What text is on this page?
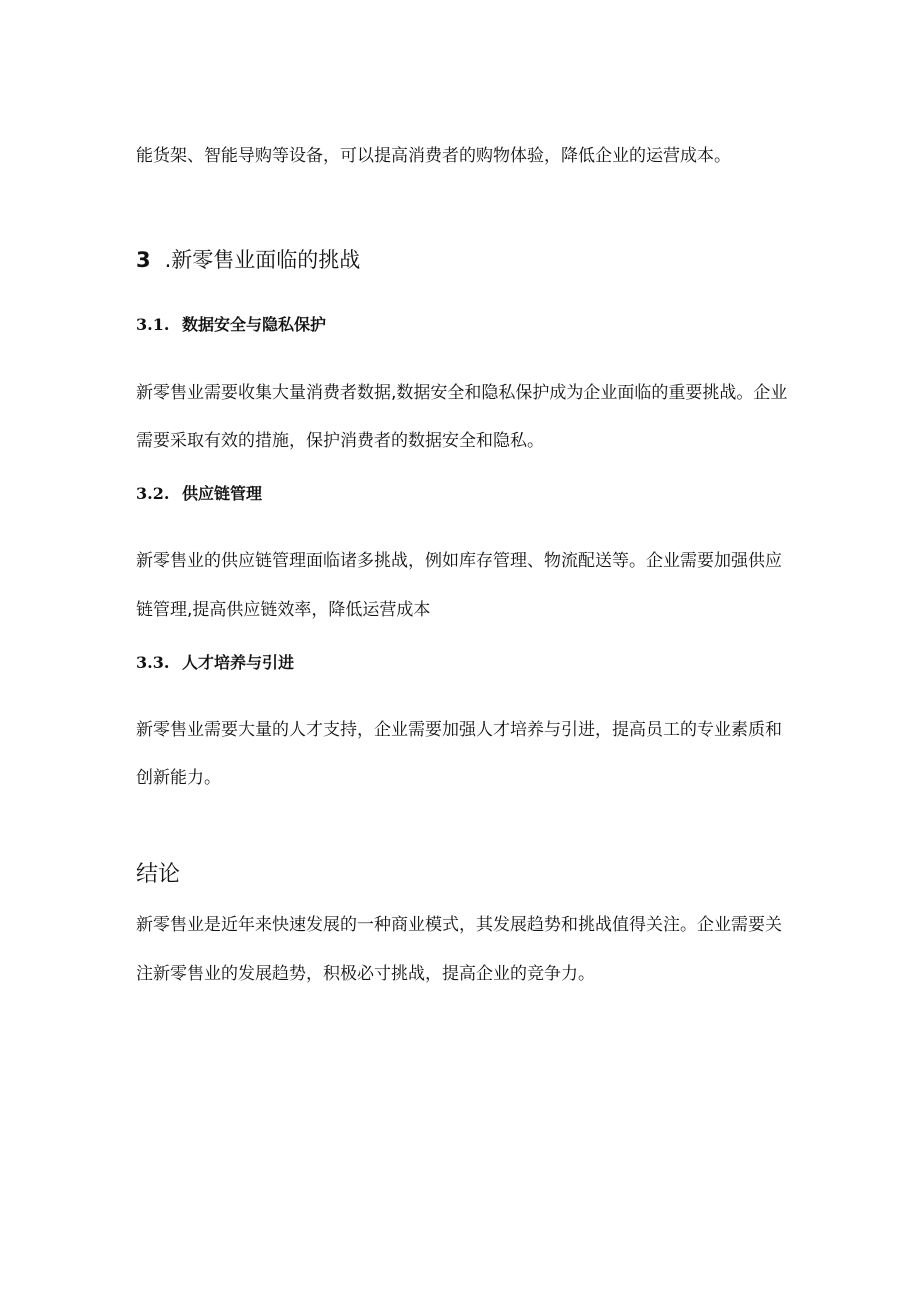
能货架、智能导购等设备，可以提高消费者的购物体验，降低企业的运营成本。
3 .新零售业面临的挑战
3.1. 数据安全与隐私保护
新零售业需要收集大量消费者数据,数据安全和隐私保护成为企业面临的重要挑战。企业
需要采取有效的措施，保护消费者的数据安全和隐私。
3.2. 供应链管理
新零售业的供应链管理面临诸多挑战，例如库存管理、物流配送等。企业需要加强供应
链管理,提高供应链效率，降低运营成本
3.3. 人才培养与引进
新零售业需要大量的人才支持，企业需要加强人才培养与引进，提高员工的专业素质和
创新能力。
结论
新零售业是近年来快速发展的一种商业模式，其发展趋势和挑战值得关注。企业需要关
注新零售业的发展趋势，积极必寸挑战，提高企业的竞争力。
